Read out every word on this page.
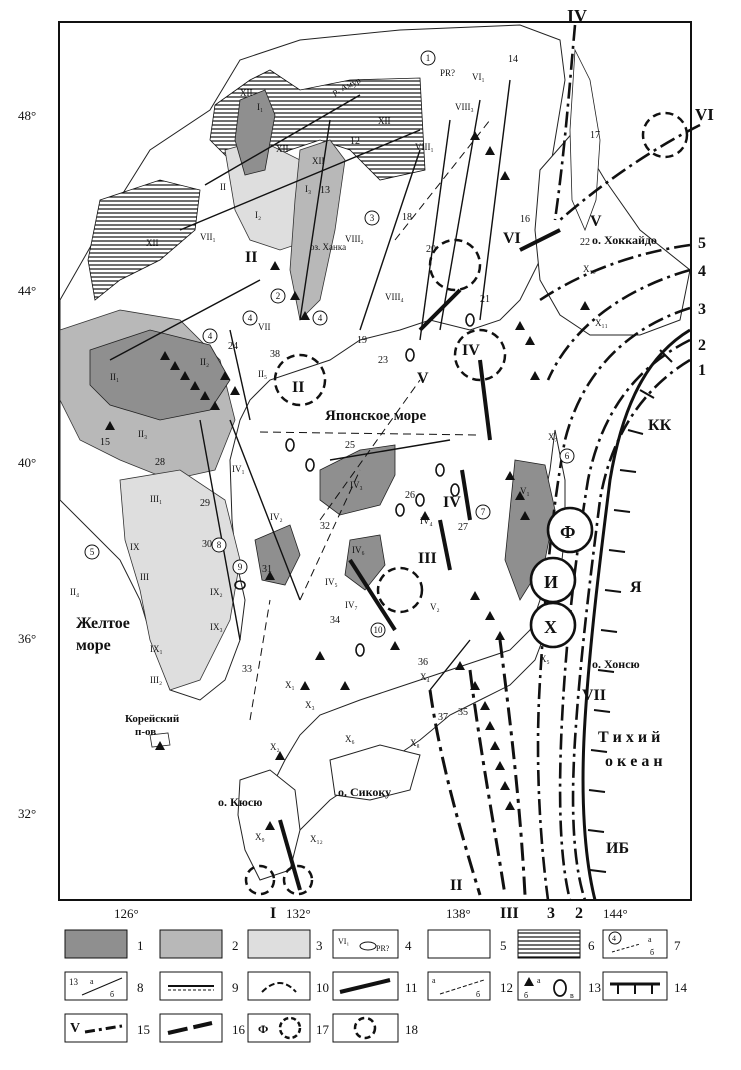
48°
44°
40°
36°
32°
126°	132°	138°	144°
Японское море
Желтое
море
Т и х и й
о к е а н
Корейский
п-ов
о. Хоккайдо
о. Хонсю
о. Кюсю
о. Сикоку
р. Амур
оз. Ханка
КК
Я
ИБ
I
II
III
IV
V
VI
VII
IV
VI
III
II
V
IV
II
5
4
3
2
1
3 2
Ф
И
Х
XII
XII
XII
XII
XII
I₁
I₂
I₃
II
II₁
II₂
II₃
II₄
II₅
III
III₁
III₂
IV₁
IV₂
IV₃
IV₄
IV₅
IV₆
IV₇
V₁
V₂
VI₁
VII₁
VII
VIII₁
VIII₂
VIII₃
VIII₄
IX
IX₁
IX₂
IX₃
X₁
X₂
X₃
X₄
X₅
X₆
X₇
X₈
X₉
X₁₀
X₁₁
X₁₂
PR?
12
13
14
15
16
17
18
19
20
21
22
23
24
25
26
27
28
29
30
31
32
33
34
35
36
37
38
1
2
3
4
4
4
5
6
7
8
9
10
1	2	3 VI₁
PR? 4	5	6 4	а
б 7
13 а
б 8	9	10	11 а
б 12	а
б	в
13	14
V	15	16 Ф	17	18
